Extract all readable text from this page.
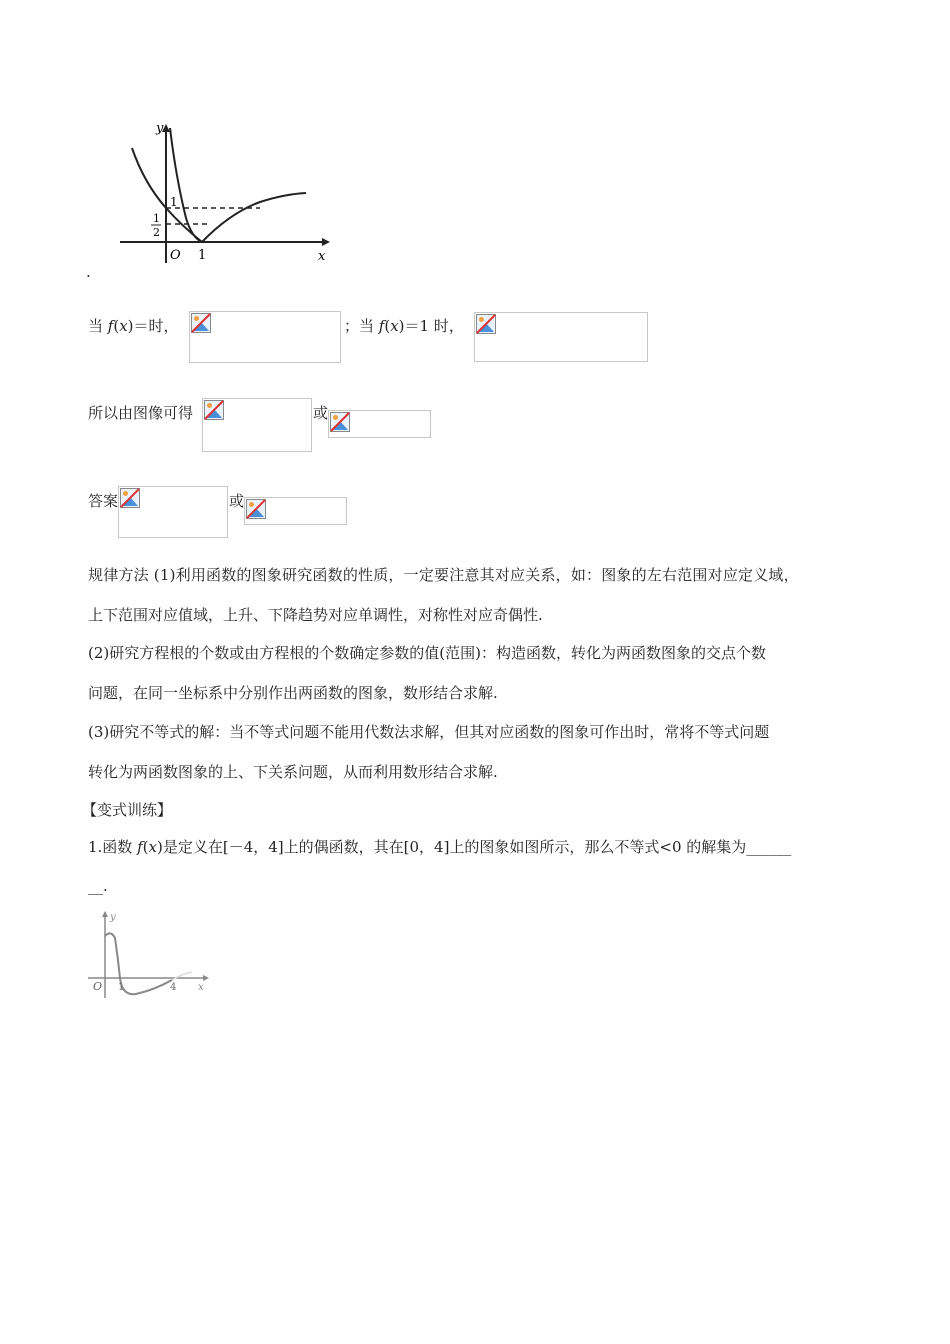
y
x
O 1
1
1
2
.
当 f(x)＝时，	；当 f(x)＝1 时，
所以由图像可得	或
答案	或
规律方法 (1)利用函数的图象研究函数的性质，一定要注意其对应关系，如：图象的左右范围对应定义域，
上下范围对应值域，上升、下降趋势对应单调性，对称性对应奇偶性.
(2)研究方程根的个数或由方程根的个数确定参数的值(范围)：构造函数，转化为两函数图象的交点个数
问题，在同一坐标系中分别作出两函数的图象，数形结合求解.
(3)研究不等式的解：当不等式问题不能用代数法求解，但其对应函数的图象可作出时，常将不等式问题
转化为两函数图象的上、下关系问题，从而利用数形结合求解.
【变式训练】
1.函数 f(x)是定义在[－4，4]上的偶函数，其在[0，4]上的图象如图所示，那么不等式<0 的解集为______
__.
y
x
O 1	4
